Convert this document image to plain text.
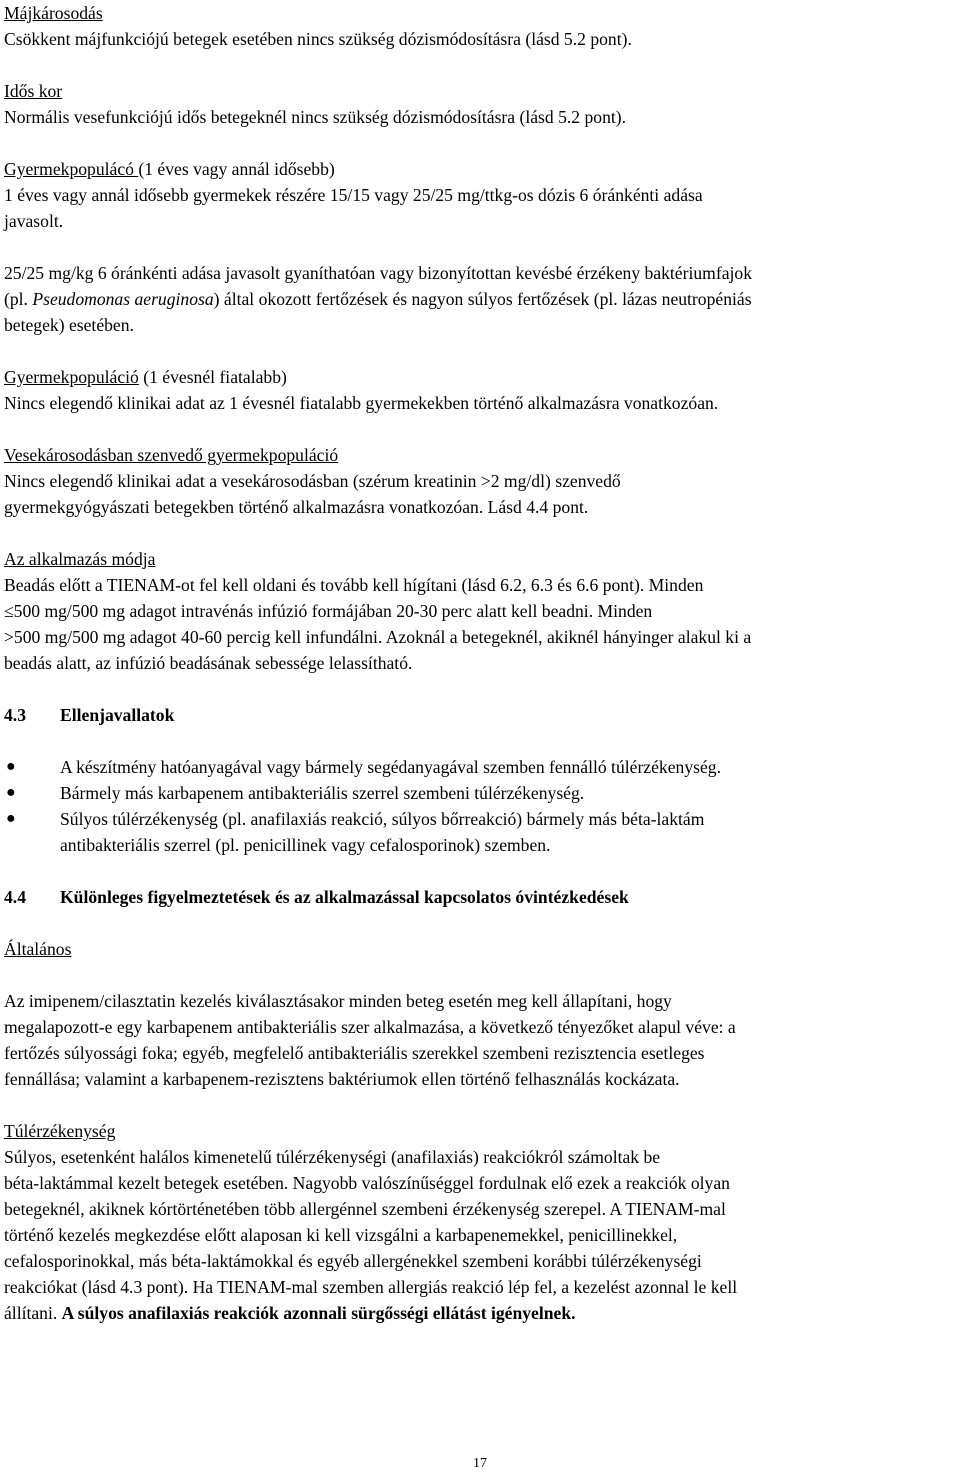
Májkárosodás
Csökkent májfunkciójú betegek esetében nincs szükség dózismódosításra (lásd 5.2 pont).
Idős kor
Normális vesefunkciójú idős betegeknél nincs szükség dózismódosításra (lásd 5.2 pont).
Gyermekpopulácó (1 éves vagy annál idősebb)
1 éves vagy annál idősebb gyermekek részére 15/15 vagy 25/25 mg/ttkg-os dózis 6 óránkénti adása
javasolt.
25/25 mg/kg 6 óránkénti adása javasolt gyaníthatóan vagy bizonyítottan kevésbé érzékeny baktériumfajok
(pl. Pseudomonas aeruginosa) által okozott fertőzések és nagyon súlyos fertőzések (pl. lázas neutropéniás
betegek) esetében.
Gyermekpopuláció (1 évesnél fiatalabb)
Nincs elegendő klinikai adat az 1 évesnél fiatalabb gyermekekben történő alkalmazásra vonatkozóan.
Vesekárosodásban szenvedő gyermekpopuláció
Nincs elegendő klinikai adat a vesekárosodásban (szérum kreatinin >2 mg/dl) szenvedő
gyermekgyógyászati betegekben történő alkalmazásra vonatkozóan. Lásd 4.4 pont.
Az alkalmazás módja
Beadás előtt a TIENAM-ot fel kell oldani és tovább kell hígítani (lásd 6.2, 6.3 és 6.6 pont). Minden
≤500 mg/500 mg adagot intravénás infúzió formájában 20-30 perc alatt kell beadni. Minden
>500 mg/500 mg adagot 40-60 percig kell infundálni. Azoknál a betegeknél, akiknél hányinger alakul ki a
beadás alatt, az infúzió beadásának sebessége lelassítható.
4.3	Ellenjavallatok
●	A készítmény hatóanyagával vagy bármely segédanyagával szemben fennálló túlérzékenység.
●	Bármely más karbapenem antibakteriális szerrel szembeni túlérzékenység.
●	Súlyos túlérzékenység (pl. anafilaxiás reakció, súlyos bőrreakció) bármely más béta-laktám
antibakteriális szerrel (pl. penicillinek vagy cefalosporinok) szemben.
4.4	Különleges figyelmeztetések és az alkalmazással kapcsolatos óvintézkedések
Általános
Az imipenem/cilasztatin kezelés kiválasztásakor minden beteg esetén meg kell állapítani, hogy
megalapozott-e egy karbapenem antibakteriális szer alkalmazása, a következő tényezőket alapul véve: a
fertőzés súlyossági foka; egyéb, megfelelő antibakteriális szerekkel szembeni rezisztencia esetleges
fennállása; valamint a karbapenem-rezisztens baktériumok ellen történő felhasználás kockázata.
Túlérzékenység
Súlyos, esetenként halálos kimenetelű túlérzékenységi (anafilaxiás) reakciókról számoltak be
béta-laktámmal kezelt betegek esetében. Nagyobb valószínűséggel fordulnak elő ezek a reakciók olyan
betegeknél, akiknek kórtörténetében több allergénnel szembeni érzékenység szerepel. A TIENAM-mal
történő kezelés megkezdése előtt alaposan ki kell vizsgálni a karbapenemekkel, penicillinekkel,
cefalosporinokkal, más béta-laktámokkal és egyéb allergénekkel szembeni korábbi túlérzékenységi
reakciókat (lásd 4.3 pont). Ha TIENAM-mal szemben allergiás reakció lép fel, a kezelést azonnal le kell
állítani. A súlyos anafilaxiás reakciók azonnali sürgősségi ellátást igényelnek.
17
